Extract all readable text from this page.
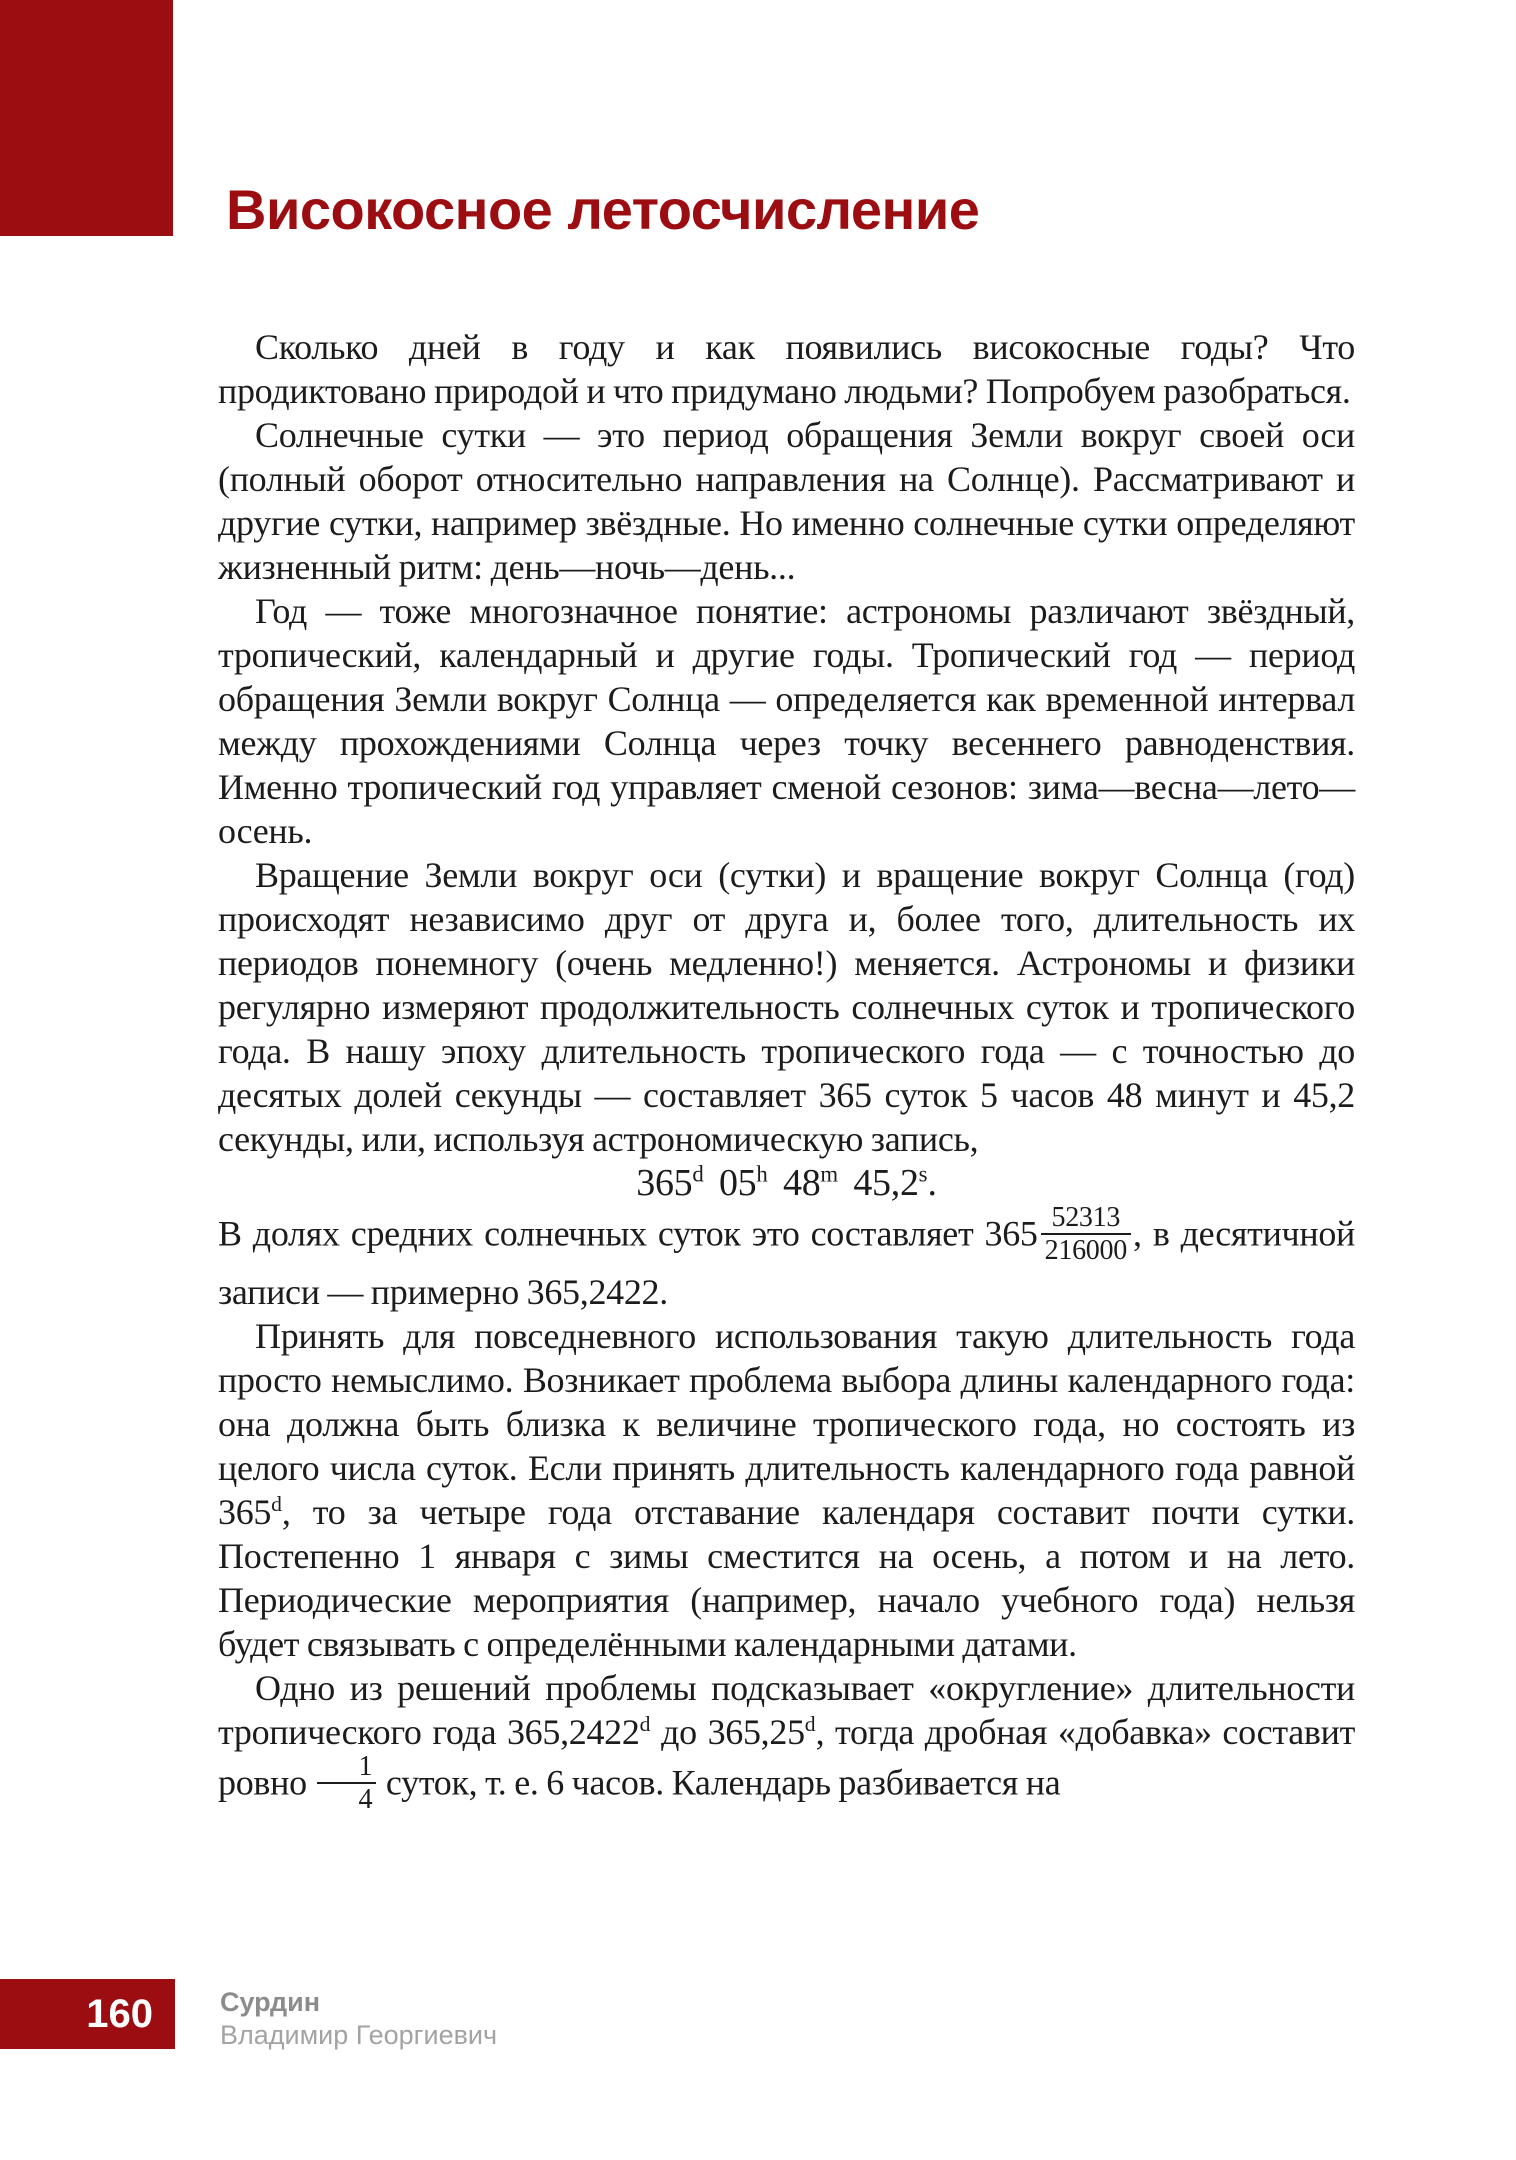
Високосное летосчисление

Сколько дней в году и как появились високосные годы? Что продиктовано природой и что придумано людьми? Попробуем разобраться.

Солнечные сутки — это период обращения Земли вокруг своей оси (полный оборот относительно направления на Солнце). Рассматривают и другие сутки, например звёздные. Но именно солнечные сутки определяют жизненный ритм: день—ночь—день...

Год — тоже многозначное понятие: астрономы различают звёздный, тропический, календарный и другие годы. Тропический год — период обращения Земли вокруг Солнца — определяется как временной интервал между прохождениями Солнца через точку весеннего равноденствия. Именно тропический год управляет сменой сезонов: зима—весна—лето—осень.

Вращение Земли вокруг оси (сутки) и вращение вокруг Солнца (год) происходят независимо друг от друга и, более того, длительность их периодов понемногу (очень медленно!) меняется. Астрономы и физики регулярно измеряют продолжительность солнечных суток и тропического года. В нашу эпоху длительность тропического года — с точностью до десятых долей секунды — составляет 365 суток 5 часов 48 минут и 45,2 секунды, или, используя астрономическую запись,

365$^d$ 05$^h$ 48$^m$ 45,2$^s$.

В долях средних солнечных суток это составляет $365 \frac{52313}{216000}$ , в десятичной записи — примерно 365,2422.

Принять для повседневного использования такую длительность года просто немыслимо. Возникает проблема выбора длины календарного года: она должна быть близка к величине тропического года, но состоять из целого числа суток. Если принять длительность календарного года равной 365$^d$, то за четыре года отставание календаря составит почти сутки. Постепенно 1 января с зимы сместится на осень, а потом и на лето. Периодические мероприятия (например, начало учебного года) нельзя будет связывать с определёнными календарными датами.

Одно из решений проблемы подсказывает «округление» длительности тропического года 365,2422$^d$ до 365,25$^d$, тогда дробная «добавка» составит ровно $\frac{1}{4}$ суток, т. е. 6 часов. Календарь разбивается на

160 Сурдин
Владимир Георгиевич
